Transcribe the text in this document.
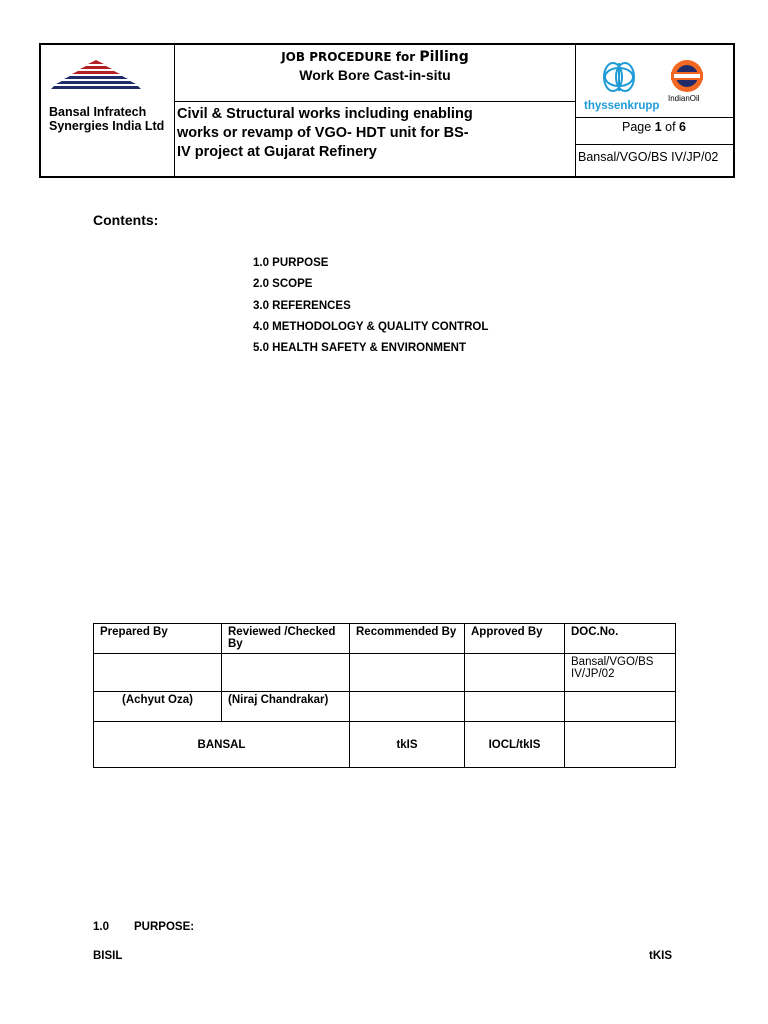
Bansal Infratech
Synergies India Ltd
JOB PROCEDURE for Pilling
Work Bore Cast-in-situ
Civil & Structural works including enabling
works or revamp of VGO- HDT unit for BS-
IV project at Gujarat Refinery
thyssenkrupp
IndianOil
Page 1 of 6
Bansal/VGO/BS IV/JP/02
Contents:
1.0 PURPOSE
2.0 SCOPE
3.0 REFERENCES
4.0 METHODOLOGY & QUALITY CONTROL
5.0 HEALTH SAFETY & ENVIRONMENT
Prepared By	Reviewed /Checked By	Recommended By	Approved By	DOC.No.
				Bansal/VGO/BS IV/JP/02
(Achyut Oza)	(Niraj Chandrakar)			
BANSAL		tkIS	IOCL/tkIS	
1.0 PURPOSE:
BISIL	tKIS
